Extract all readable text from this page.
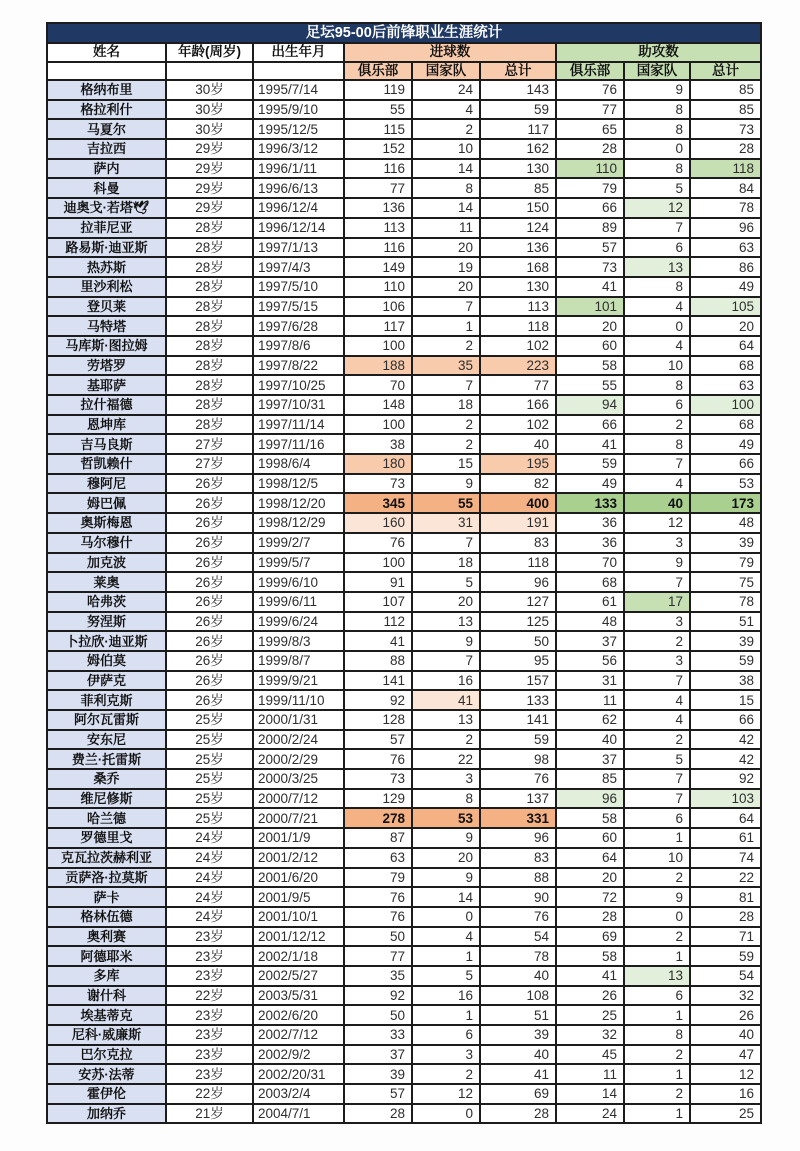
足坛95-00后前锋职业生涯统计								
姓名	年龄(周岁)	出生年月	进球数			助攻数		
			俱乐部	国家队	总计	俱乐部	国家队	总计
格纳布里	30岁	1995/7/14	119	24	143	76	9	85
格拉利什	30岁	1995/9/10	55	4	59	77	8	85
马夏尔	30岁	1995/12/5	115	2	117	65	8	73
吉拉西	29岁	1996/3/12	152	10	162	28	0	28
萨内	29岁	1996/1/11	116	14	130	110	8	118
科曼	29岁	1996/6/13	77	8	85	79	5	84
迪奥戈·若塔🕊	29岁	1996/12/4	136	14	150	66	12	78
拉菲尼亚	28岁	1996/12/14	113	11	124	89	7	96
路易斯·迪亚斯	28岁	1997/1/13	116	20	136	57	6	63
热苏斯	28岁	1997/4/3	149	19	168	73	13	86
里沙利松	28岁	1997/5/10	110	20	130	41	8	49
登贝莱	28岁	1997/5/15	106	7	113	101	4	105
马特塔	28岁	1997/6/28	117	1	118	20	0	20
马库斯·图拉姆	28岁	1997/8/6	100	2	102	60	4	64
劳塔罗	28岁	1997/8/22	188	35	223	58	10	68
基耶萨	28岁	1997/10/25	70	7	77	55	8	63
拉什福德	28岁	1997/10/31	148	18	166	94	6	100
恩坤库	28岁	1997/11/14	100	2	102	66	2	68
吉马良斯	27岁	1997/11/16	38	2	40	41	8	49
哲凯赖什	27岁	1998/6/4	180	15	195	59	7	66
穆阿尼	26岁	1998/12/5	73	9	82	49	4	53
姆巴佩	26岁	1998/12/20	345	55	400	133	40	173
奥斯梅恩	26岁	1998/12/29	160	31	191	36	12	48
马尔穆什	26岁	1999/2/7	76	7	83	36	3	39
加克波	26岁	1999/5/7	100	18	118	70	9	79
莱奥	26岁	1999/6/10	91	5	96	68	7	75
哈弗茨	26岁	1999/6/11	107	20	127	61	17	78
努涅斯	26岁	1999/6/24	112	13	125	48	3	51
卜拉欣·迪亚斯	26岁	1999/8/3	41	9	50	37	2	39
姆伯莫	26岁	1999/8/7	88	7	95	56	3	59
伊萨克	26岁	1999/9/21	141	16	157	31	7	38
菲利克斯	26岁	1999/11/10	92	41	133	11	4	15
阿尔瓦雷斯	25岁	2000/1/31	128	13	141	62	4	66
安东尼	25岁	2000/2/24	57	2	59	40	2	42
费兰·托雷斯	25岁	2000/2/29	76	22	98	37	5	42
桑乔	25岁	2000/3/25	73	3	76	85	7	92
维尼修斯	25岁	2000/7/12	129	8	137	96	7	103
哈兰德	25岁	2000/7/21	278	53	331	58	6	64
罗德里戈	24岁	2001/1/9	87	9	96	60	1	61
克瓦拉茨赫利亚	24岁	2001/2/12	63	20	83	64	10	74
贡萨洛·拉莫斯	24岁	2001/6/20	79	9	88	20	2	22
萨卡	24岁	2001/9/5	76	14	90	72	9	81
格林伍德	24岁	2001/10/1	76	0	76	28	0	28
奥利赛	23岁	2001/12/12	50	4	54	69	2	71
阿德耶米	23岁	2002/1/18	77	1	78	58	1	59
多库	23岁	2002/5/27	35	5	40	41	13	54
谢什科	22岁	2003/5/31	92	16	108	26	6	32
埃基蒂克	23岁	2002/6/20	50	1	51	25	1	26
尼科·威廉斯	23岁	2002/7/12	33	6	39	32	8	40
巴尔克拉	23岁	2002/9/2	37	3	40	45	2	47
安苏·法蒂	23岁	2002/20/31	39	2	41	11	1	12
霍伊伦	22岁	2003/2/4	57	12	69	14	2	16
加纳乔	21岁	2004/7/1	28	0	28	24	1	25
